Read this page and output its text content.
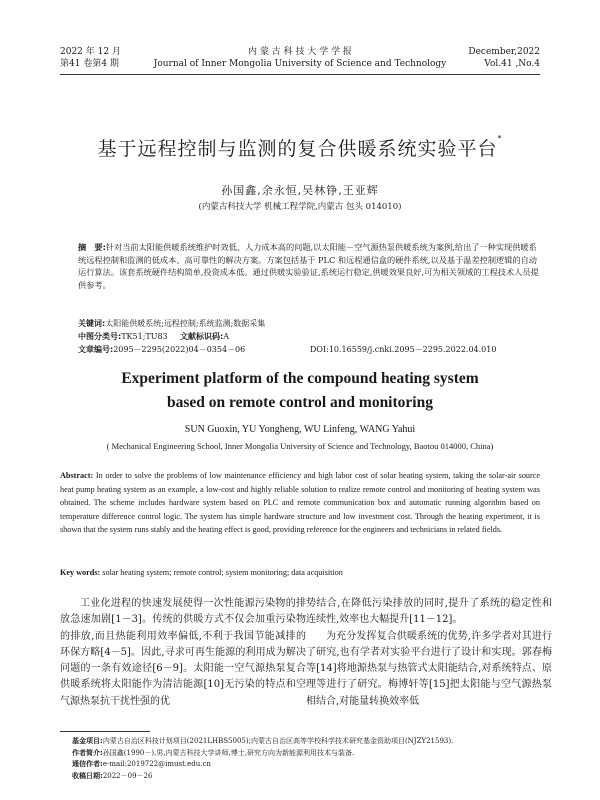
2022 年 12 月
第41 卷第4 期
内 蒙 古 科 技 大 学 学 报
Journal of Inner Mongolia University of Science and Technology
December,2022
Vol.41 ,No.4
基于远程控制与监测的复合供暖系统实验平台*
孙国鑫,余永恒,吴林铮,王亚辉
(内蒙古科技大学 机械工程学院,内蒙古 包头 014010)
摘　要:针对当前太阳能供暖系统维护时效低、人力成本高的问题,以太阳能－空气源热泵供暖系统为案例,给出了一种实现供暖系统远程控制和监测的低成本、高可靠性的解决方案。方案包括基于 PLC 和远程通信盒的硬件系统,以及基于温差控制逻辑的自动运行算法。该套系统硬件结构简单,投资成本低。通过供暖实验验证,系统运行稳定,供暖效果良好,可为相关领域的工程技术人员提供参考。
关键词:太阳能供暖系统;远程控制;系统监测;数据采集
中图分类号:TK51;TU83 文献标识码:A
文章编号:2095－2295(2022)04－0354－06	DOI:10.16559/j.cnki.2095－2295.2022.04.010
Experiment platform of the compound heating system
based on remote control and monitoring
SUN Guoxin, YU Yongheng, WU Linfeng, WANG Yahui
( Mechanical Engineering School, Inner Mongolia University of Science and Technology, Baotou 014000, China)
Abstract: In order to solve the problems of low maintenance efficiency and high labor cost of solar heating system, taking the solar-air source heat pump heating system as an example, a low-cost and highly reliable solution to realize remote control and monitoring of heating system was obtained. The scheme includes hardware system based on PLC and remote communication box and automatic running algorithm based on temperature difference control logic. The system has simple hardware structure and low investment cost. Through the heating experiment, it is shown that the system runs stably and the heating effect is good, providing reference for the engineers and technicians in related fields.
Key words: solar heating system; remote control; system monitoring; data acquisition
工业化进程的快速发展使得一次性能源污染物的排放急速加剧[1－3]。传统的供暖方式不仅会加重污染物的排放,而且热能利用效率偏低,不利于我国节能减排的环保方略[4－5]。因此,寻求可再生能源的利用成为解决问题的一条有效途径[6－9]。太阳能一空气源热泵复合供暖系统将太阳能作为清洁能源[10]无污染的特点和空气源热泵抗干扰性强的优

势结合,在降低污染排放的同时,提升了系统的稳定性和连续性,效率也大幅提升[11－12]。

为充分发挥复合供暖系统的优势,许多学者对其进行了研究,也有学者对实验平台进行了设计和实现。郭春梅等[14]将地源热泵与热管式太阳能结合,对系统特点、原理等进行了研究。梅博轩等[15]把太阳能与空气源热泵相结合,对能量转换效率低

基金项目:内蒙古自治区科技计划项目(2021LHBS5005);内蒙古自治区高等学校科学技术研究基金资助项目(NJZY21593).
作者简介:孙国鑫(1990－),男,内蒙古科技大学讲师,博士,研究方向为新能源利用技术与装备.
通信作者:e-mail:2019722@imust.edu.cn
收稿日期:2022－09－26
